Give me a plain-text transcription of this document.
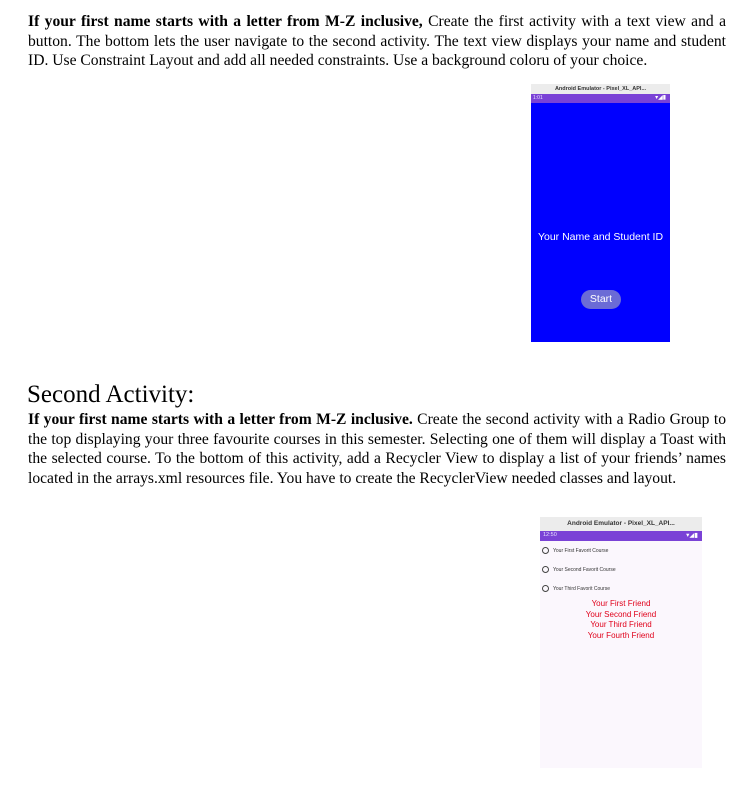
If your first name starts with a letter from M-Z inclusive, Create the first activity with a text view and a button. The bottom lets the user navigate to the second activity. The text view displays your name and student ID. Use Constraint Layout and add all needed constraints. Use a background coloru of your choice.

Android Emulator - Pixel_XL_API...
1:01	▾◢▮
Your Name and Student ID
Start
Second Activity:

If your first name starts with a letter from M-Z inclusive. Create the second activity with a Radio Group to the top displaying your three favourite courses in this semester. Selecting one of them will display a Toast with the selected course. To the bottom of this activity, add a Recycler View to display a list of your friends’ names located in the arrays.xml resources file. You have to create the RecyclerView needed classes and layout.

Android Emulator - Pixel_XL_API...
12:50	▾◢▮
Your First Favorit Course
Your Second Favorit Course
Your Third Favorit Course
Your First Friend
Your Second Friend
Your Third Friend
Your Fourth Friend
